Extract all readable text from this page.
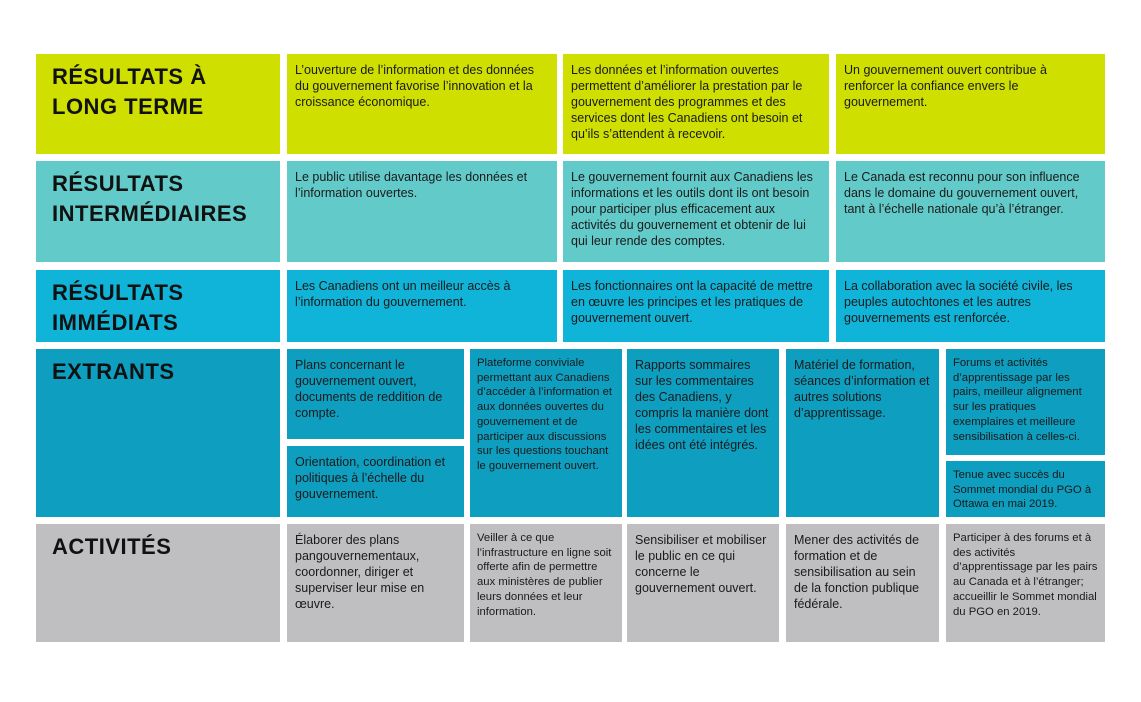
RÉSULTATS À
LONG TERME
L’ouverture de l’information et des données du gouvernement favorise l’innovation et la croissance économique.
Les données et l’information ouvertes permettent d’améliorer la prestation par le gouvernement des programmes et des services dont les Canadiens ont besoin et qu’ils s’attendent à recevoir.
Un gouvernement ouvert contribue à renforcer la confiance envers le gouvernement.
RÉSULTATS
INTERMÉDIAIRES
Le public utilise davantage les données et l’information ouvertes.
Le gouvernement fournit aux Canadiens les informations et les outils dont ils ont besoin pour participer plus efficacement aux activités du gouvernement et obtenir de lui qui leur rende des comptes.
Le Canada est reconnu pour son influence dans le domaine du gouvernement ouvert, tant à l’échelle nationale qu’à l’étranger.
RÉSULTATS
IMMÉDIATS
Les Canadiens ont un meilleur accès à l’information du gouvernement.
Les fonctionnaires ont la capacité de mettre en œuvre les principes et les pratiques de gouvernement ouvert.
La collaboration avec la société civile, les peuples autochtones et les autres gouvernements est renforcée.
EXTRANTS	Plans concernant le gouvernement ouvert, documents de reddition de compte.
Orientation, coordination et politiques à l’échelle du gouvernement.
Plateforme conviviale permettant aux Canadiens d’accéder à l’information et aux données ouvertes du gouvernement et de participer aux discussions sur les questions touchant le gouvernement ouvert.
Rapports sommaires sur les commentaires des Canadiens, y compris la manière dont les commentaires et les idées ont été intégrés.
Matériel de formation, séances d’information et autres solutions d’apprentissage.
Forums et activités d’apprentissage par les pairs, meilleur alignement sur les pratiques exemplaires et meilleure sensibilisation à celles-ci.
Tenue avec succès du Sommet mondial du PGO à Ottawa en mai 2019.
ACTIVITÉS	Élaborer des plans pangouvernementaux, coordonner, diriger et superviser leur mise en œuvre.
Veiller à ce que l’infrastructure en ligne soit offerte afin de permettre aux ministères de publier leurs données et leur information.
Sensibiliser et mobiliser le public en ce qui concerne le gouvernement ouvert.
Mener des activités de formation et de sensibilisation au sein de la fonction publique fédérale.
Participer à des forums et à des activités d’apprentissage par les pairs au Canada et à l’étranger; accueillir le Sommet mondial du PGO en 2019.
